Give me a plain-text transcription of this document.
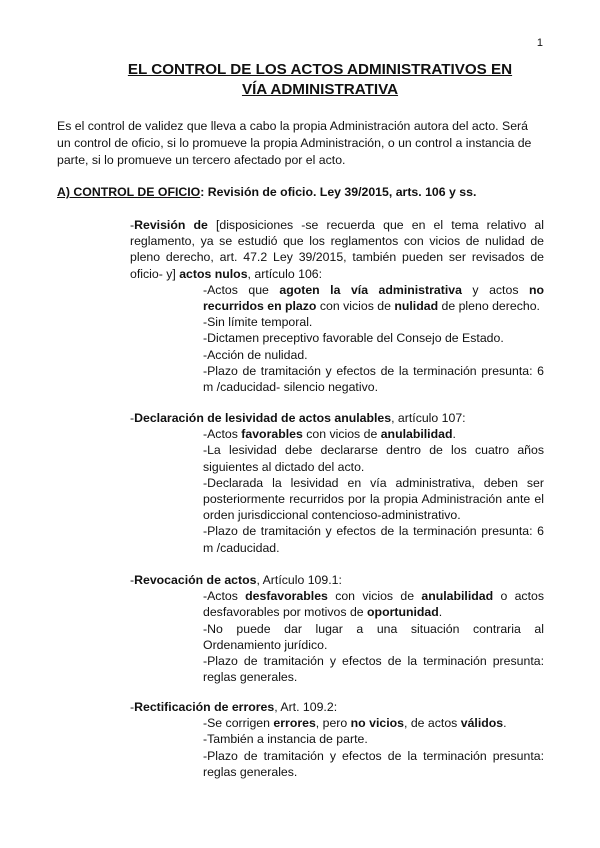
1
EL CONTROL DE LOS ACTOS ADMINISTRATIVOS EN
VÍA ADMINISTRATIVA

Es el control de validez que lleva a cabo la propia Administración autora del acto. Será un control de oficio, si lo promueve la propia Administración, o un control a instancia de parte, si lo promueve un tercero afectado por el acto.

A) CONTROL DE OFICIO: Revisión de oficio. Ley 39/2015, arts. 106 y ss.

-Revisión de [disposiciones -se recuerda que en el tema relativo al reglamento, ya se estudió que los reglamentos con vicios de nulidad de pleno derecho, art. 47.2 Ley 39/2015, también pueden ser revisados de oficio- y] actos nulos, artículo 106:

-Actos que agoten la vía administrativa y actos no recurridos en plazo con vicios de nulidad de pleno derecho.

-Sin límite temporal.

-Dictamen preceptivo favorable del Consejo de Estado.

-Acción de nulidad.

-Plazo de tramitación y efectos de la terminación presunta: 6 m /caducidad- silencio negativo.

-Declaración de lesividad de actos anulables, artículo 107:

-Actos favorables con vicios de anulabilidad.

-La lesividad debe declararse dentro de los cuatro años siguientes al dictado del acto.

-Declarada la lesividad en vía administrativa, deben ser posteriormente recurridos por la propia Administración ante el orden jurisdiccional contencioso-administrativo.

-Plazo de tramitación y efectos de la terminación presunta: 6 m /caducidad.

-Revocación de actos, Artículo 109.1:

-Actos desfavorables con vicios de anulabilidad o actos desfavorables por motivos de oportunidad.

-No puede dar lugar a una situación contraria al Ordenamiento jurídico.

-Plazo de tramitación y efectos de la terminación presunta: reglas generales.

-Rectificación de errores, Art. 109.2:

-Se corrigen errores, pero no vicios, de actos válidos.

-También a instancia de parte.

-Plazo de tramitación y efectos de la terminación presunta: reglas generales.
